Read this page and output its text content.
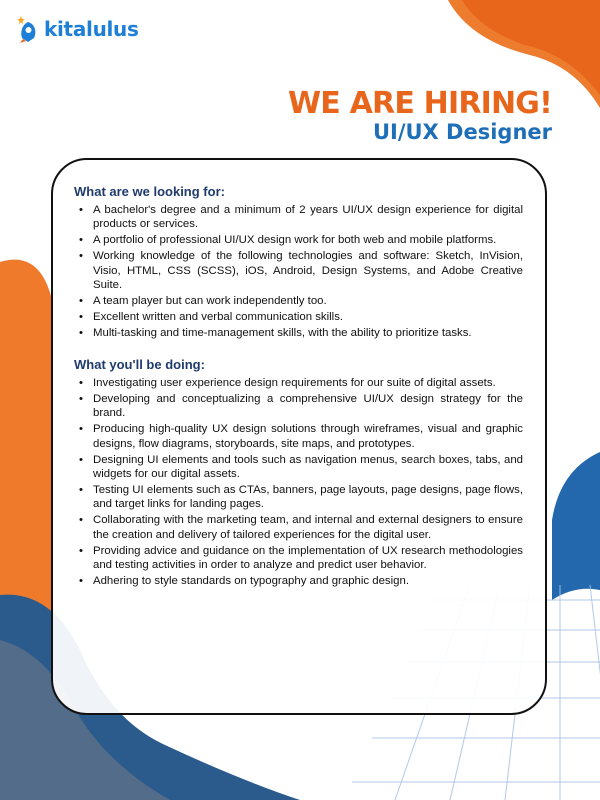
kitalulus
WE ARE HIRING!
UI/UX Designer
What are we looking for:
• A bachelor's degree and a minimum of 2 years UI/UX design experience for digital products or services.
• A portfolio of professional UI/UX design work for both web and mobile platforms.
• Working knowledge of the following technologies and software: Sketch, InVision, Visio, HTML, CSS (SCSS), iOS, Android, Design Systems, and Adobe Creative Suite.
• A team player but can work independently too.
• Excellent written and verbal communication skills.
• Multi-tasking and time-management skills, with the ability to prioritize tasks.
What you'll be doing:
• Investigating user experience design requirements for our suite of digital assets.
• Developing and conceptualizing a comprehensive UI/UX design strategy for the brand.
• Producing high-quality UX design solutions through wireframes, visual and graphic designs, flow diagrams, storyboards, site maps, and prototypes.
• Designing UI elements and tools such as navigation menus, search boxes, tabs, and widgets for our digital assets.
• Testing UI elements such as CTAs, banners, page layouts, page designs, page flows, and target links for landing pages.
• Collaborating with the marketing team, and internal and external designers to ensure the creation and delivery of tailored experiences for the digital user.
• Providing advice and guidance on the implementation of UX research methodologies and testing activities in order to analyze and predict user behavior.
• Adhering to style standards on typography and graphic design.
